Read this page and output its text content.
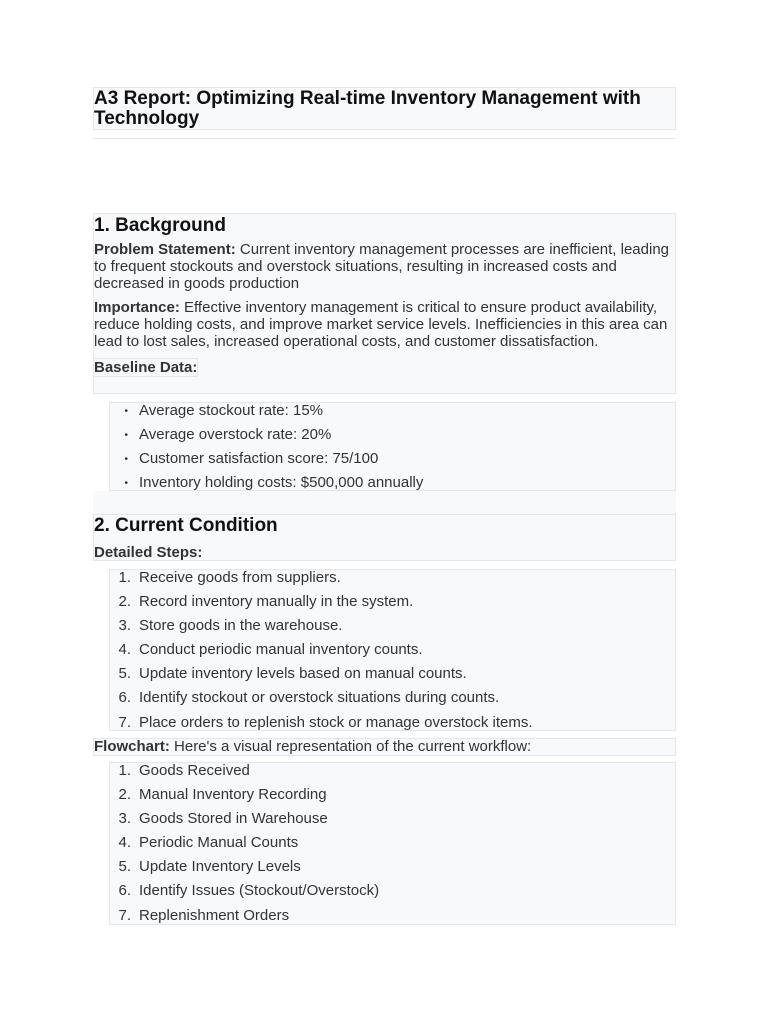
A3 Report: Optimizing Real-time Inventory Management with Technology
1. Background

Problem Statement: Current inventory management processes are inefficient, leading to frequent stockouts and overstock situations, resulting in increased costs and decreased in goods production

Importance: Effective inventory management is critical to ensure product availability, reduce holding costs, and improve market service levels. Inefficiencies in this area can lead to lost sales, increased operational costs, and customer dissatisfaction.

Baseline Data:
• Average stockout rate: 15%
• Average overstock rate: 20%
• Customer satisfaction score: 75/100
• Inventory holding costs: $500,000 annually
2. Current Condition
Detailed Steps:
1. Receive goods from suppliers.
2. Record inventory manually in the system.
3. Store goods in the warehouse.
4. Conduct periodic manual inventory counts.
5. Update inventory levels based on manual counts.
6. Identify stockout or overstock situations during counts.
7. Place orders to replenish stock or manage overstock items.

Flowchart: Here's a visual representation of the current workflow:

1. Goods Received
2. Manual Inventory Recording
3. Goods Stored in Warehouse
4. Periodic Manual Counts
5. Update Inventory Levels
6. Identify Issues (Stockout/Overstock)
7. Replenishment Orders
